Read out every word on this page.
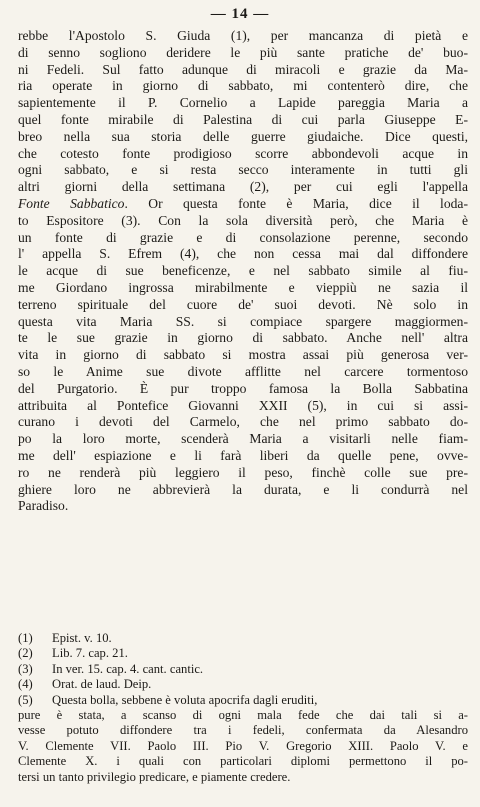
— 14 —
rebbe l'Apostolo S. Giuda (1), per mancanza di pietà e
di senno sogliono deridere le più sante pratiche de' buo-
ni Fedeli. Sul fatto adunque di miracoli e grazie da Ma-
ria operate in giorno di sabbato, mi contenterò dire, che
sapientemente il P. Cornelio a Lapide pareggia Maria a
quel fonte mirabile di Palestina di cui parla Giuseppe E-
breo nella sua storia delle guerre giudaiche. Dice questi,
che cotesto fonte prodigioso scorre abbondevoli acque in
ogni sabbato, e si resta secco interamente in tutti gli
altri giorni della settimana (2), per cui egli l'appella
Fonte Sabbatico. Or questa fonte è Maria, dice il loda-
to Espositore (3). Con la sola diversità però, che Maria è
un fonte di grazie e di consolazione perenne, secondo
l' appella S. Efrem (4), che non cessa mai dal diffondere
le acque di sue beneficenze, e nel sabbato simile al fiu-
me Giordano ingrossa mirabilmente e vieppiù ne sazia il
terreno spirituale del cuore de' suoi devoti. Nè solo in
questa vita Maria SS. si compiace spargere maggiormen-
te le sue grazie in giorno di sabbato. Anche nell' altra
vita in giorno di sabbato si mostra assai più generosa ver-
so le Anime sue divote afflitte nel carcere tormentoso
del Purgatorio. È pur troppo famosa la Bolla Sabbatina
attribuita al Pontefice Giovanni XXII (5), in cui si assi-
curano i devoti del Carmelo, che nel primo sabbato do-
po la loro morte, scenderà Maria a visitarli nelle fiam-
me dell' espiazione e li farà liberi da quelle pene, ovve-
ro ne renderà più leggiero il peso, finchè colle sue pre-
ghiere loro ne abbrevierà la durata, e li condurrà nel
Paradiso.
(1) Epist. v. 10.
(2) Lib. 7. cap. 21.
(3) In ver. 15. cap. 4. cant. cantic.
(4) Orat. de laud. Deip.
(5) Questa bolla, sebbene è voluta apocrifa dagli eruditi,
pure è stata, a scanso di ogni mala fede che dai tali si a-
vesse potuto diffondere tra i fedeli, confermata da Alesandro
V. Clemente VII. Paolo III. Pio V. Gregorio XIII. Paolo V. e
Clemente X. i quali con particolari diplomi permettono il po-
tersi un tanto privilegio predicare, e piamente credere.
